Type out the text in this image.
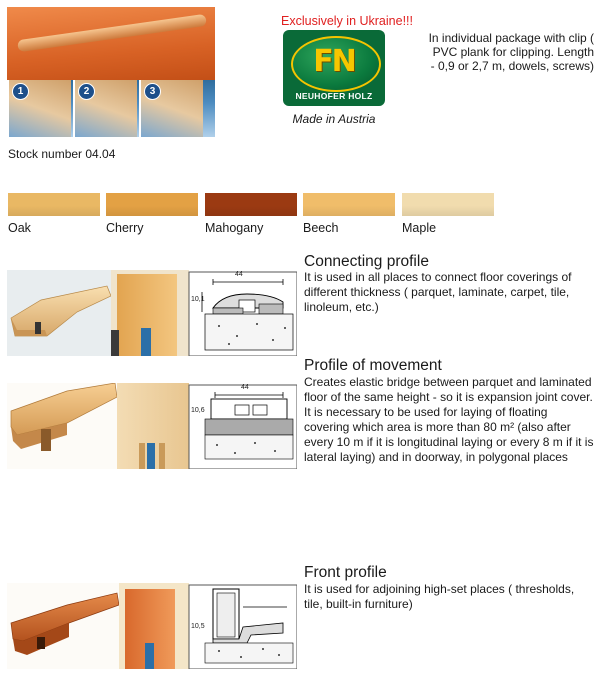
1	2	3
Exclusively in Ukraine!!!
FN
NEUHOFER HOLZ
Made in Austria
In individual package with clip ( PVC plank for clipping. Length - 0,9 or 2,7 m, dowels, screws)
Stock number 04.04
Oak	Cherry	Mahogany	Beech	Maple
44
10,1
Connecting profile
It is used in all places to connect floor coverings of different thickness ( parquet, laminate, carpet, tile, linoleum, etc.)
44
10,6
Profile of movement
Creates elastic bridge between parquet and laminated floor of the same height - so it is expansion joint cover. It is necessary to be used for laying of floating covering which area is more than 80 m² (also after every 10 m if it is longitudinal laying or every 8 m if it is lateral laying) and in doorway, in polygonal places
10,5
Front profile
It is used for adjoining high-set places ( thresholds, tile, built-in furniture)
